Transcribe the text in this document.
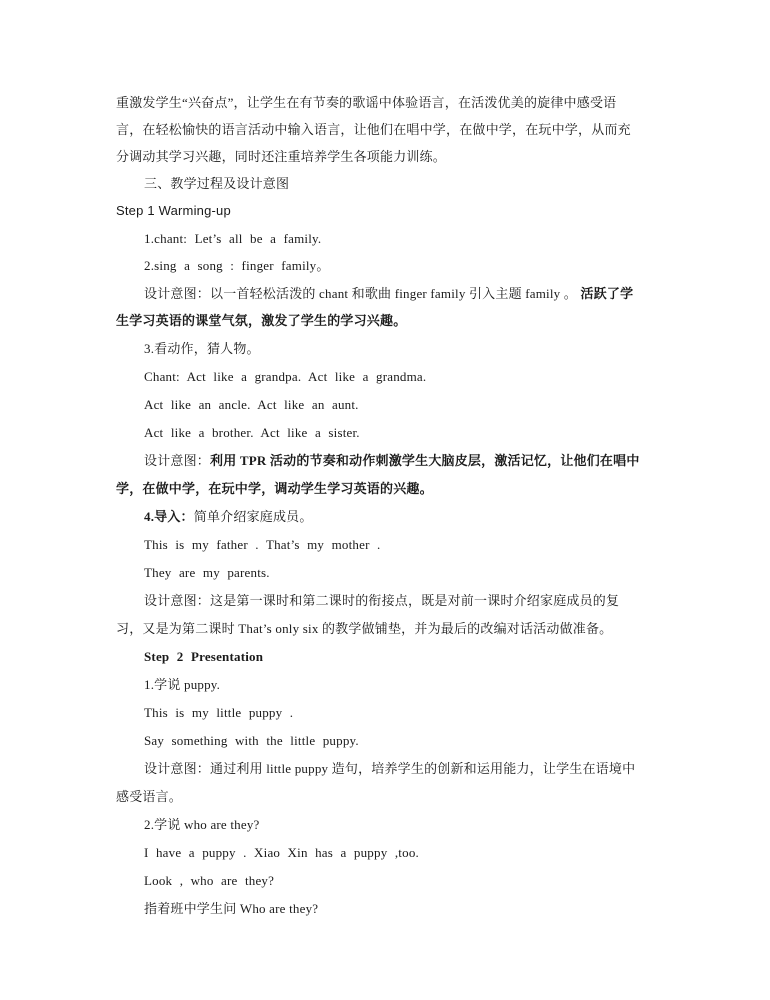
重激发学生“兴奋点”，让学生在有节奏的歌谣中体验语言，在活泼优美的旋律中感受语
言，在轻松愉快的语言活动中输入语言，让他们在唱中学，在做中学，在玩中学，从而充
分调动其学习兴趣，同时还注重培养学生各项能力训练。
三、教学过程及设计意图
Step 1 Warming-up
1.chant: Let’s all be a family.
2.sing a song : finger family。
设计意图：以一首轻松活泼的 chant 和歌曲 finger family 引入主题 family 。 活跃了学
生学习英语的课堂气氛，激发了学生的学习兴趣。
3.看动作，猜人物。
Chant: Act like a grandpa. Act like a grandma.
Act like an ancle. Act like an aunt.
Act like a brother. Act like a sister.
设计意图：利用 TPR 活动的节奏和动作刺激学生大脑皮层，激活记忆，让他们在唱中
学，在做中学，在玩中学，调动学生学习英语的兴趣。
4.导入：简单介绍家庭成员。
This is my father . That’s my mother .
They are my parents.
设计意图：这是第一课时和第二课时的衔接点，既是对前一课时介绍家庭成员的复
习，又是为第二课时 That’s only six 的教学做铺垫，并为最后的改编对话活动做准备。
Step 2 Presentation
1.学说 puppy.
This is my little puppy .
Say something with the little puppy.
设计意图：通过利用 little puppy 造句，培养学生的创新和运用能力，让学生在语境中
感受语言。
2.学说 who are they?
I have a puppy . Xiao Xin has a puppy ,too.
Look , who are they?
指着班中学生问 Who are they?
